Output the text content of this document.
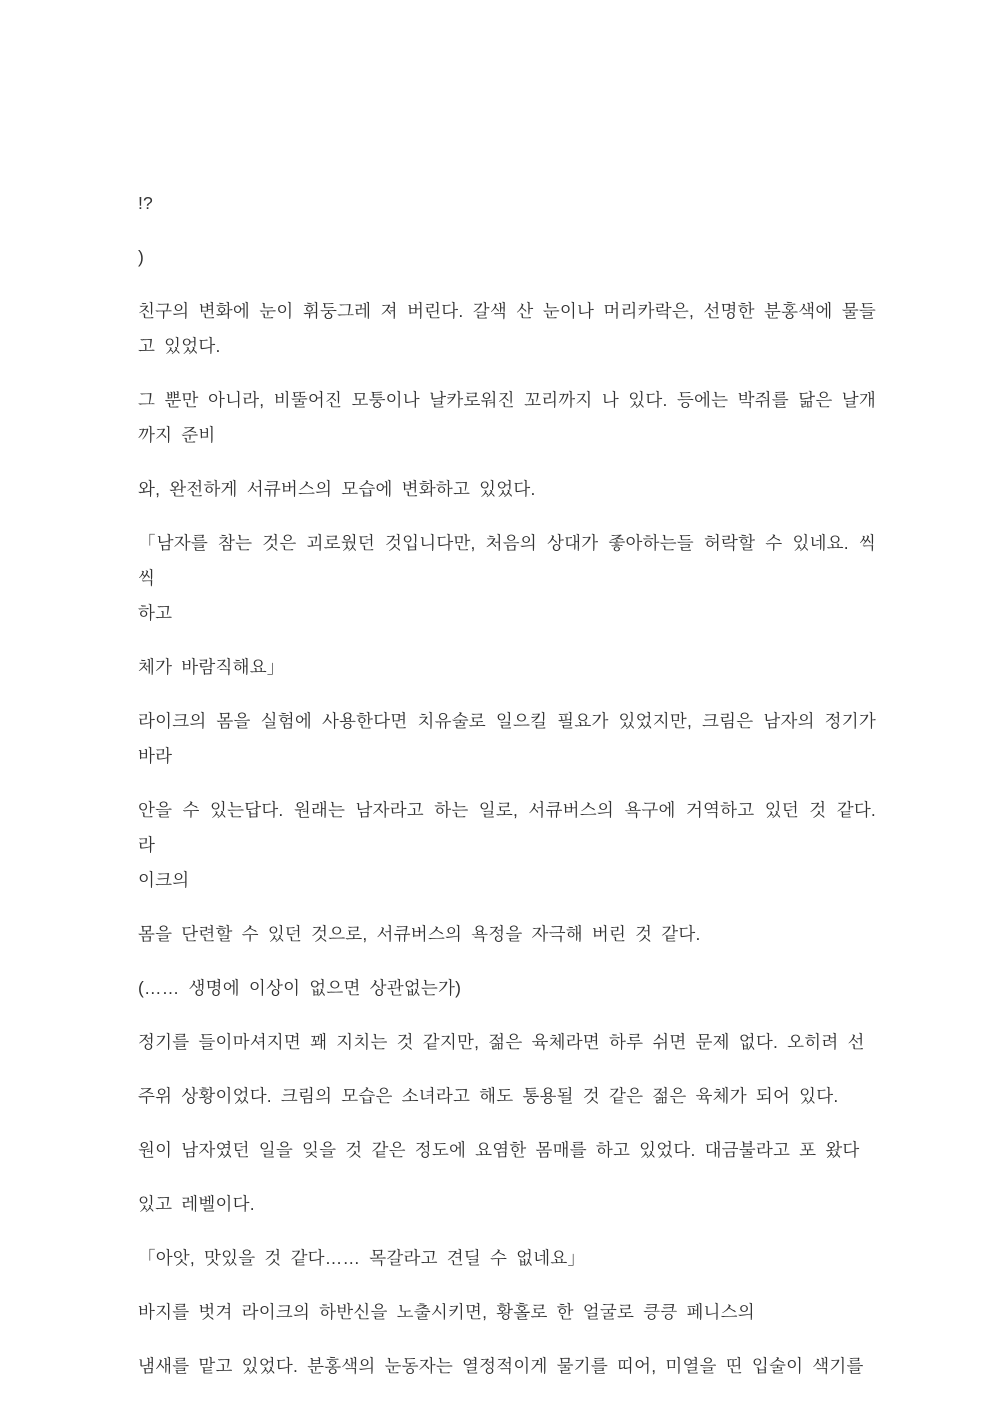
!?
)
친구의 변화에 눈이 휘둥그레 져 버린다. 갈색 산 눈이나 머리카락은, 선명한 분홍색에 물들
고 있었다.
그 뿐만 아니라, 비뚤어진 모퉁이나 날카로워진 꼬리까지 나 있다. 등에는 박쥐를 닮은 날개
까지 준비
와, 완전하게 서큐버스의 모습에 변화하고 있었다.
「남자를 참는 것은 괴로웠던 것입니다만, 처음의 상대가 좋아하는들 허락할 수 있네요. 씩씩
하고
체가 바람직해요」
라이크의 몸을 실험에 사용한다면 치유술로 일으킬 필요가 있었지만, 크림은 남자의 정기가
바라
안을 수 있는답다. 원래는 남자라고 하는 일로, 서큐버스의 욕구에 거역하고 있던 것 같다. 라
이크의
몸을 단련할 수 있던 것으로, 서큐버스의 욕정을 자극해 버린 것 같다.
(…… 생명에 이상이 없으면 상관없는가)
정기를 들이마셔지면 꽤 지치는 것 같지만, 젊은 육체라면 하루 쉬면 문제 없다. 오히려 선
주위 상황이었다. 크림의 모습은 소녀라고 해도 통용될 것 같은 젊은 육체가 되어 있다.
원이 남자였던 일을 잊을 것 같은 정도에 요염한 몸매를 하고 있었다. 대금불라고 포 왔다
있고 레벨이다.
「아앗, 맛있을 것 같다…… 목갈라고 견딜 수 없네요」
바지를 벗겨 라이크의 하반신을 노출시키면, 황홀로 한 얼굴로 킁킁 페니스의
냄새를 맡고 있었다. 분홍색의 눈동자는 열정적이게 물기를 띠어, 미열을 띤 입술이 색기를
